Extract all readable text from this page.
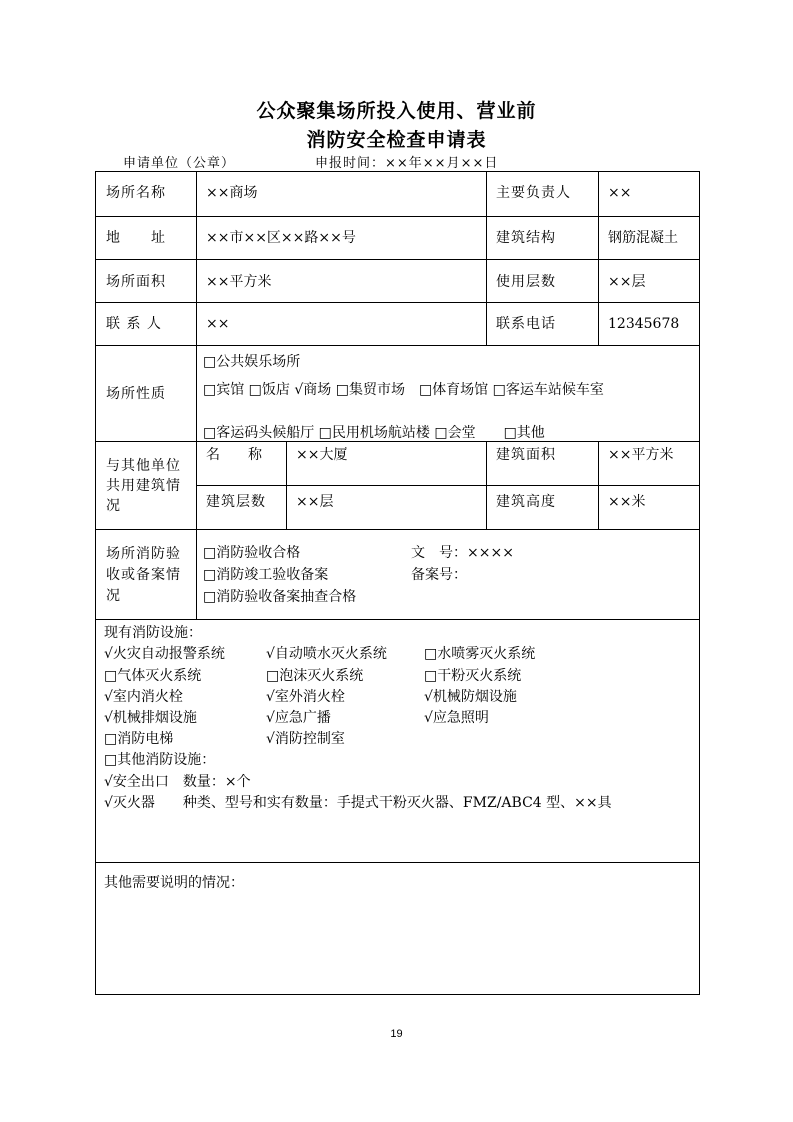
公众聚集场所投入使用、营业前
消防安全检查申请表
申请单位（公章）	申报时间：××年××月××日
场所名称	××商场	主要负责人	××
地　　址	××市××区××路××号	建筑结构	钢筋混凝土
场所面积	××平方米	使用层数	××层
联 系 人	××	联系电话	12345678
场所性质
□公共娱乐场所
□宾馆 □饭店 √商场 □集贸市场　□体育场馆 □客运车站候车室
□客运码头候船厅 □民用机场航站楼 □会堂　　□其他
与其他单位共用建筑情况
名　　称 ××大厦	建筑面积	××平方米
建筑层数 ××层	建筑高度	××米
场所消防验收或备案情况
□消防验收合格
□消防竣工验收备案
□消防验收备案抽查合格
文　号：××××
备案号：
现有消防设施：
√火灾自动报警系统	√自动喷水灭火系统	□水喷雾灭火系统
□气体灭火系统	□泡沫灭火系统	□干粉灭火系统
√室内消火栓	√室外消火栓	√机械防烟设施
√机械排烟设施	√应急广播	√应急照明
□消防电梯	√消防控制室
□其他消防设施：
√安全出口　数量：×个
√灭火器　　种类、型号和实有数量：手提式干粉灭火器、FMZ/ABC4 型、××具
其他需要说明的情况：
19
